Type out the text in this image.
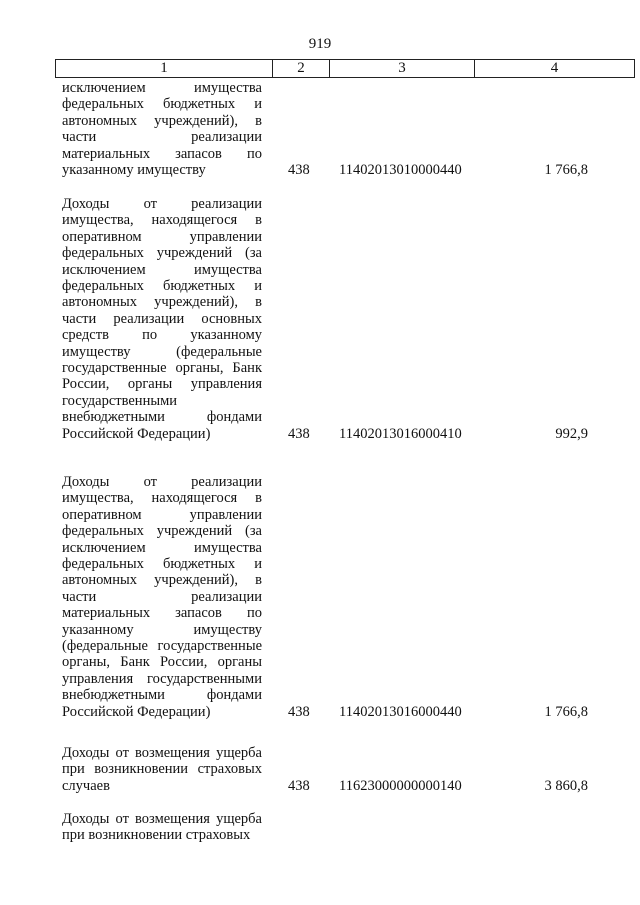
919
1	2	3	4
исключением имущества
федеральных бюджетных и
автономных учреждений), в
части реализации
материальных запасов по
указанному имуществу	438 11402013010000440	1 766,8
Доходы от реализации
имущества, находящегося в
оперативном управлении
федеральных учреждений (за
исключением имущества
федеральных бюджетных и
автономных учреждений), в
части реализации основных
средств по указанному
имуществу (федеральные
государственные органы, Банк
России, органы управления
государственными
внебюджетными фондами
Российской Федерации)	438 11402013016000410	992,9
Доходы от реализации
имущества, находящегося в
оперативном управлении
федеральных учреждений (за
исключением имущества
федеральных бюджетных и
автономных учреждений), в
части реализации
материальных запасов по
указанному имуществу
(федеральные государственные
органы, Банк России, органы
управления государственными
внебюджетными фондами
Российской Федерации)	438 11402013016000440	1 766,8
Доходы от возмещения ущерба
при возникновении страховых
случаев	438 11623000000000140	3 860,8
Доходы от возмещения ущерба
при возникновении страховых
